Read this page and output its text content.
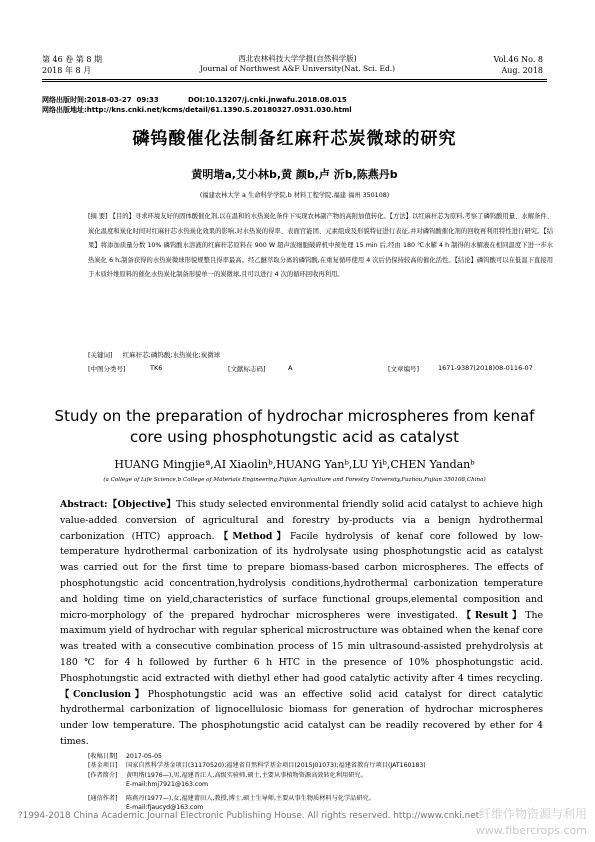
第 46 卷 第 8 期
2018 年 8 月
西北农林科技大学学报(自然科学版)
Journal of Northwest A&F University(Nat. Sci. Ed.)
Vol.46 No. 8
Aug. 2018
网络出版时间:2018-03-27  09:33            DOI:10.13207/j.cnki.jnwafu.2018.08.015
网络出版地址:http://kns.cnki.net/kcms/detail/61.1390.S.20180327.0931.030.html
磷钨酸催化法制备红麻秆芯炭微球的研究
黄明堦a,艾小林b,黄 颜b,卢 沂b,陈燕丹b
(福建农林大学 a 生命科学学院,b 材料工程学院,福建 福州 350108)
[摘 要] 【目的】寻求环境友好的固体酸催化剂,以在温和的水热炭化条件下实现农林副产物的高附加值转化。【方法】以红麻秆芯为原料,考察了磷钨酸用量、水解条件、炭化温度和炭化时间对红麻秆芯水热炭化效果的影响,对水热炭的得率、表面官能团、元素组成及形貌特征进行表征,并对磷钨酸催化剂的回收再利用特性进行研究。【结果】将添加质量分数 10% 磷钨酸水溶液的红麻秆芯原料在 900 W 超声波细胞破碎机中预处理 15 min 后,经由 180 ℃水解 4 h 制得的水解液在相同温度下进一步水热炭化 6 h,制备获得的水热炭微球形貌规整且得率最高。经乙醚萃取分离的磷钨酸,在重复循环使用 4 次后仍保持较高的催化活性。【结论】磷钨酸可以在低温下直接用于木质纤维原料的催化水热炭化制备形貌单一的炭微球,且可以进行 4 次的循环回收再利用。
[关键词] 红麻秆芯;磷钨酸;水热炭化;炭微球
[中图分类号]	TK6	[文献标志码]	A	[文章编号]	1671-9387(2018)08-0116-07
Study on the preparation of hydrochar microspheres from kenaf core using phosphotungstic acid as catalyst
HUANG Mingjieª,AI Xiaolinᵇ,HUANG Yanᵇ,LU Yiᵇ,CHEN Yandanᵇ
(a College of Life Science,b College of Materials Engineering,Fujian Agriculture and Forestry University,Fuzhou,Fujian 350108,China)
Abstract:【Objective】This study selected environmental friendly solid acid catalyst to achieve high value-added conversion of agricultural and forestry by-products via a benign hydrothermal carbonization (HTC) approach.【Method】Facile hydrolysis of kenaf core followed by low-temperature hydrothermal carbonization of its hydrolysate using phosphotungstic acid as catalyst was carried out for the first time to prepare biomass-based carbon microspheres. The effects of phosphotungstic acid concentration,hydrolysis conditions,hydrothermal carbonization temperature and holding time on yield,characteristics of surface functional groups,elemental composition and micro-morphology of the prepared hydrochar microspheres were investigated.【Result】The maximum yield of hydrochar with regular spherical microstructure was obtained when the kenaf core was treated with a consecutive combination process of 15 min ultrasound-assisted prehydrolysis at 180 ℃ for 4 h followed by further 6 h HTC in the presence of 10% phosphotungstic acid. Phosphotungstic acid extracted with diethyl ether had good catalytic activity after 4 times recycling.【Conclusion】Phosphotungstic acid was an effective solid acid catalyst for direct catalytic hydrothermal carbonization of lignocellulosic biomass for generation of hydrochar microspheres under low temperature. The phosphotungstic acid catalyst can be readily recovered by ether for 4 times.
[收稿日期] 2017-05-05
[基金项目] 国家自然科学基金项目(31170520);福建省自然科学基金项目(2015J01073);福建省教育厅项目(JAT160183)
[作者简介] 黄明堦(1976—),男,福建晋江人,高级实验师,硕士,主要从事植物资源高效转化利用研究。
E-mail:hmj7921@163.com
[通信作者] 陈燕丹(1977—),女,福建莆田人,教授,博士,硕士生导师,主要从事生物质材料与化学品研究。
E-mail:fjaucyd@163.com
?1994-2018 China Academic Journal Electronic Publishing House. All rights reserved. http://www.cnki.net 纤维作物资源与利用
www.fibercrops.com
